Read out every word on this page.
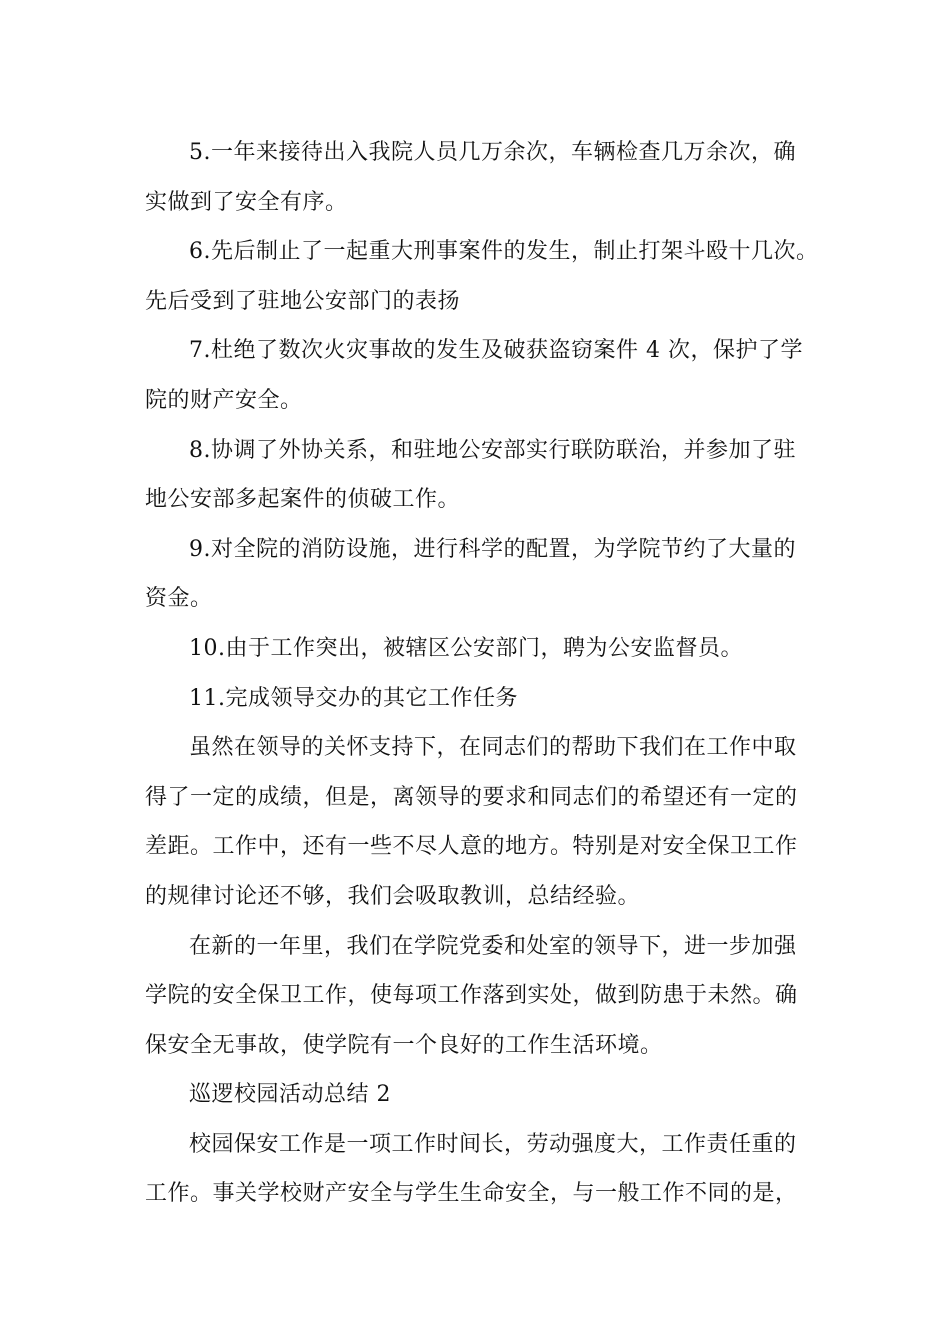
5.一年来接待出入我院人员几万余次，车辆检查几万余次，确
实做到了安全有序。

6.先后制止了一起重大刑事案件的发生，制止打架斗殴十几次。
先后受到了驻地公安部门的表扬

7.杜绝了数次火灾事故的发生及破获盗窃案件 4 次，保护了学
院的财产安全。

8.协调了外协关系，和驻地公安部实行联防联治，并参加了驻
地公安部多起案件的侦破工作。

9.对全院的消防设施，进行科学的配置，为学院节约了大量的
资金。

10.由于工作突出，被辖区公安部门，聘为公安监督员。

11.完成领导交办的其它工作任务

虽然在领导的关怀支持下，在同志们的帮助下我们在工作中取
得了一定的成绩，但是，离领导的要求和同志们的希望还有一定的
差距。工作中，还有一些不尽人意的地方。特别是对安全保卫工作
的规律讨论还不够，我们会吸取教训，总结经验。

在新的一年里，我们在学院党委和处室的领导下，进一步加强
学院的安全保卫工作，使每项工作落到实处，做到防患于未然。确
保安全无事故，使学院有一个良好的工作生活环境。

巡逻校园活动总结 2

校园保安工作是一项工作时间长，劳动强度大，工作责任重的
工作。事关学校财产安全与学生生命安全，与一般工作不同的是，
